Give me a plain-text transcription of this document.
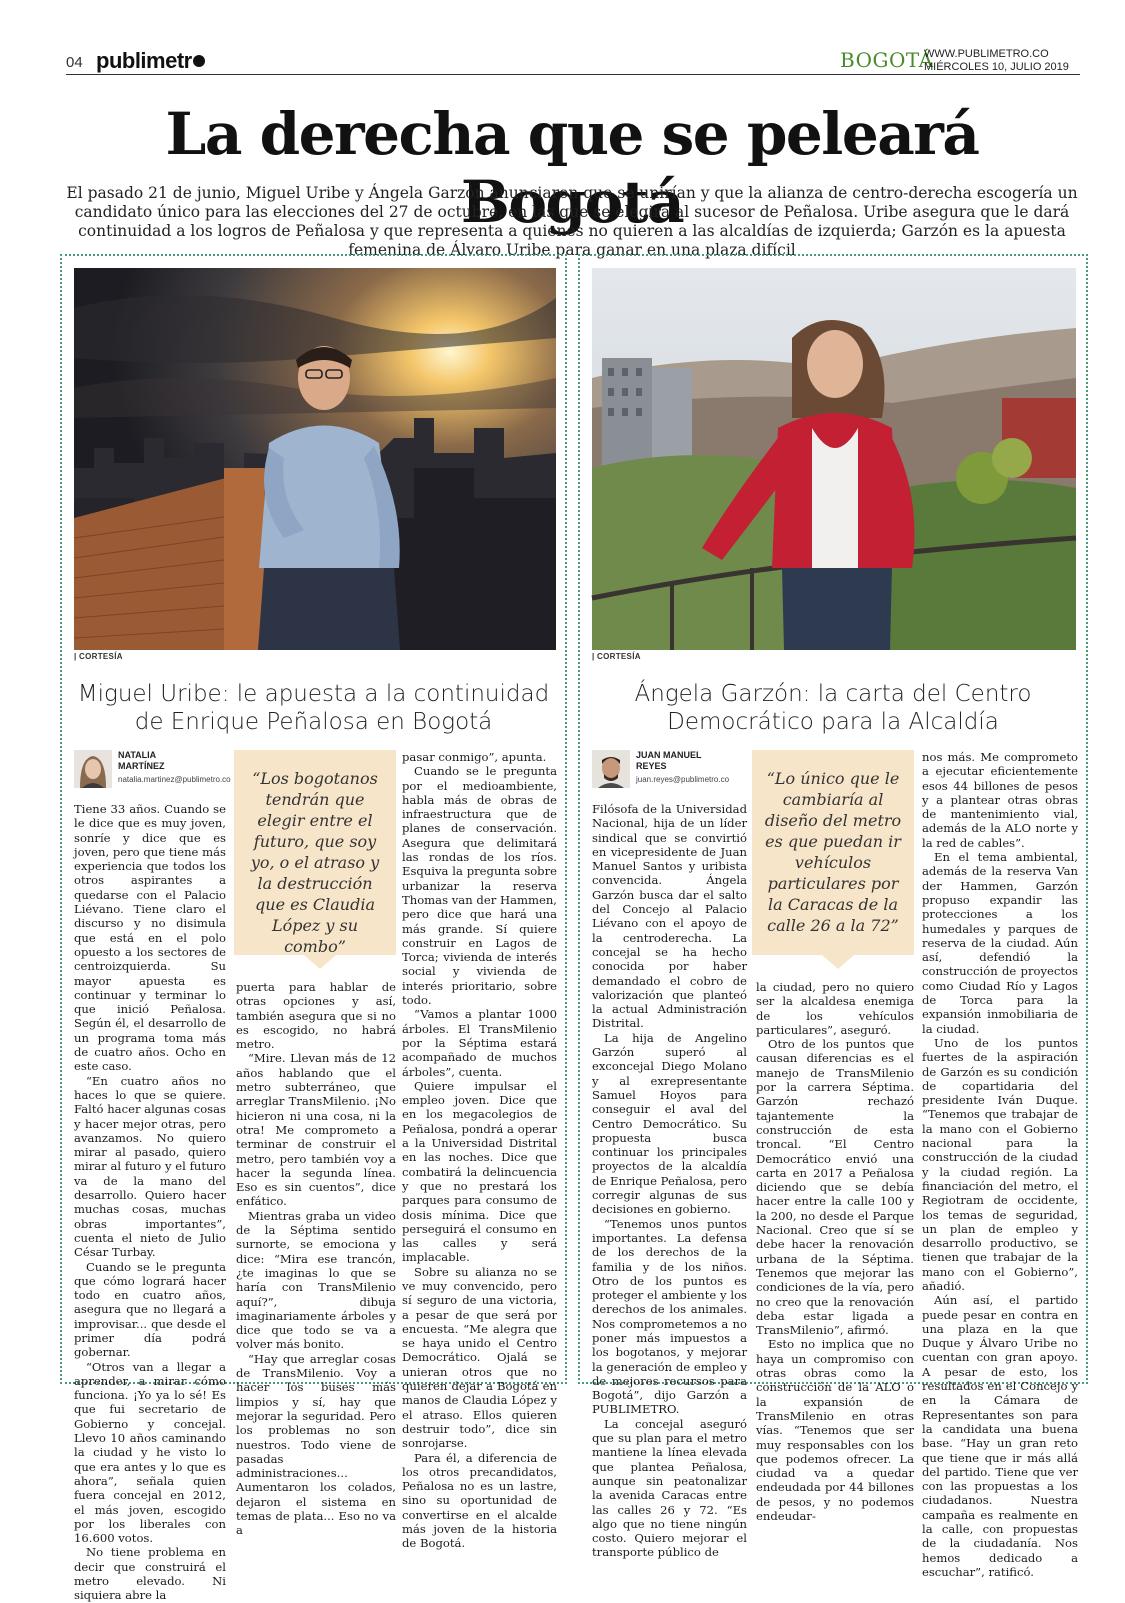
04 publimetr	BOGOTÁ
WWW.PUBLIMETRO.CO
MIÉRCOLES 10, JULIO 2019
La derecha que se peleará Bogotá
El pasado 21 de junio, Miguel Uribe y Ángela Garzón anunciaron que se unirían y que la alianza de centro-derecha escogería un candidato único para las elecciones del 27 de octubre, en las que se elegirá al sucesor de Peñalosa. Uribe asegura que le dará continuidad a los logros de Peñalosa y que representa a quienes no quieren a las alcaldías de izquierda; Garzón es la apuesta femenina de Álvaro Uribe para ganar en una plaza difícil
| CORTESÍA
Miguel Uribe: le apuesta a la continuidad de Enrique Peñalosa en Bogotá
NATALIA MARTÍNEZ
natalia.martinez@publimetro.co	“Los bogotanos tendrán que elegir entre el futuro, que soy yo, o el atraso y la destrucción que es Claudia López y su combo”

Tiene 33 años. Cuando se le dice que es muy joven, sonríe y dice que es joven, pero que tiene más experiencia que todos los otros aspirantes a quedarse con el Palacio Liévano. Tiene claro el discurso y no disimula que está en el polo opuesto a los sectores de centroizquierda. Su mayor apuesta es continuar y terminar lo que inició Peñalosa. Según él, el desarrollo de un programa toma más de cuatro años. Ocho en este caso.

“En cuatro años no haces lo que se quiere. Faltó hacer algunas cosas y hacer mejor otras, pero avanzamos. No quiero mirar al pasado, quiero mirar al futuro y el futuro va de la mano del desarrollo. Quiero hacer muchas cosas, muchas obras importantes”, cuenta el nieto de Julio César Turbay.

Cuando se le pregunta que cómo logrará hacer todo en cuatro años, asegura que no llegará a improvisar... que desde el primer día podrá gobernar.

“Otros van a llegar a aprender, a mirar cómo funciona. ¡Yo ya lo sé! Es que fui secretario de Gobierno y concejal. Llevo 10 años caminando la ciudad y he visto lo que era antes y lo que es ahora”, señala quien fuera concejal en 2012, el más joven, escogido por los liberales con 16.600 votos.

No tiene problema en decir que construirá el metro elevado. Ni siquiera abre la

puerta para hablar de otras opciones y así, también asegura que si no es escogido, no habrá metro.

“Mire. Llevan más de 12 años hablando que el metro subterráneo, que arreglar TransMilenio. ¡No hicieron ni una cosa, ni la otra! Me comprometo a terminar de construir el metro, pero también voy a hacer la segunda línea. Eso es sin cuentos”, dice enfático.

Mientras graba un video de la Séptima sentido surnorte, se emociona y dice: “Mira ese trancón, ¿te imaginas lo que se haría con TransMilenio aquí?”, dibuja imaginariamente árboles y dice que todo se va a volver más bonito.

“Hay que arreglar cosas de TransMilenio. Voy a hacer los buses más limpios y sí, hay que mejorar la seguridad. Pero los problemas no son nuestros. Todo viene de pasadas administraciones... Aumentaron los colados, dejaron el sistema en temas de plata... Eso no va a

pasar conmigo”, apunta.

Cuando se le pregunta por el medioambiente, habla más de obras de infraestructura que de planes de conservación. Asegura que delimitará las rondas de los ríos. Esquiva la pregunta sobre urbanizar la reserva Thomas van der Hammen, pero dice que hará una más grande. Sí quiere construir en Lagos de Torca; vivienda de interés social y vivienda de interés prioritario, sobre todo.

“Vamos a plantar 1000 árboles. El TransMilenio por la Séptima estará acompañado de muchos árboles”, cuenta.

Quiere impulsar el empleo joven. Dice que en los megacolegios de Peñalosa, pondrá a operar a la Universidad Distrital en las noches. Dice que combatirá la delincuencia y que no prestará los parques para consumo de dosis mínima. Dice que perseguirá el consumo en las calles y será implacable.

Sobre su alianza no se ve muy convencido, pero sí seguro de una victoria, a pesar de que será por encuesta. “Me alegra que se haya unido el Centro Democrático. Ojalá se unieran otros que no quieren dejar a Bogotá en manos de Claudia López y el atraso. Ellos quieren destruir todo”, dice sin sonrojarse.

Para él, a diferencia de los otros precandidatos, Peñalosa no es un lastre, sino su oportunidad de convertirse en el alcalde más joven de la historia de Bogotá.

| CORTESÍA
Ángela Garzón: la carta del Centro Democrático para la Alcaldía
JUAN MANUEL REYES
juan.reyes@publimetro.co	“Lo único que le cambiaría al diseño del metro es que puedan ir vehículos particulares por la Caracas de la calle 26 a la 72”

Filósofa de la Universidad Nacional, hija de un líder sindical que se convirtió en vicepresidente de Juan Manuel Santos y uribista convencida. Ángela Garzón busca dar el salto del Concejo al Palacio Liévano con el apoyo de la centroderecha. La concejal se ha hecho conocida por haber demandado el cobro de valorización que planteó la actual Administración Distrital.

La hija de Angelino Garzón superó al exconcejal Diego Molano y al exrepresentante Samuel Hoyos para conseguir el aval del Centro Democrático. Su propuesta busca continuar los principales proyectos de la alcaldía de Enrique Peñalosa, pero corregir algunas de sus decisiones en gobierno.

“Tenemos unos puntos importantes. La defensa de los derechos de la familia y de los niños. Otro de los puntos es proteger el ambiente y los derechos de los animales. Nos comprometemos a no poner más impuestos a los bogotanos, y mejorar la generación de empleo y de mejores recursos para Bogotá”, dijo Garzón a PUBLIMETRO.

La concejal aseguró que su plan para el metro mantiene la línea elevada que plantea Peñalosa, aunque sin peatonalizar la avenida Caracas entre las calles 26 y 72. “Es algo que no tiene ningún costo. Quiero mejorar el transporte público de

la ciudad, pero no quiero ser la alcaldesa enemiga de los vehículos particulares”, aseguró.

Otro de los puntos que causan diferencias es el manejo de TransMilenio por la carrera Séptima. Garzón rechazó tajantemente la construcción de esta troncal. “El Centro Democrático envió una carta en 2017 a Peñalosa diciendo que se debía hacer entre la calle 100 y la 200, no desde el Parque Nacional. Creo que sí se debe hacer la renovación urbana de la Séptima. Tenemos que mejorar las condiciones de la vía, pero no creo que la renovación deba estar ligada a TransMilenio”, afirmó.

Esto no implica que no haya un compromiso con otras obras como la construcción de la ALO o la expansión de TransMilenio en otras vías. “Tenemos que ser muy responsables con los que podemos ofrecer. La ciudad va a quedar endeudada por 44 billones de pesos, y no podemos endeudar-

nos más. Me comprometo a ejecutar eficientemente esos 44 billones de pesos y a plantear otras obras de mantenimiento vial, además de la ALO norte y la red de cables”.

En el tema ambiental, además de la reserva Van der Hammen, Garzón propuso expandir las protecciones a los humedales y parques de reserva de la ciudad. Aún así, defendió la construcción de proyectos como Ciudad Río y Lagos de Torca para la expansión inmobiliaria de la ciudad.

Uno de los puntos fuertes de la aspiración de Garzón es su condición de copartidaria del presidente Iván Duque. “Tenemos que trabajar de la mano con el Gobierno nacional para la construcción de la ciudad y la ciudad región. La financiación del metro, el Regiotram de occidente, los temas de seguridad, un plan de empleo y desarrollo productivo, se tienen que trabajar de la mano con el Gobierno”, añadió.

Aún así, el partido puede pesar en contra en una plaza en la que Duque y Álvaro Uribe no cuentan con gran apoyo. A pesar de esto, los resultados en el Concejo y en la Cámara de Representantes son para la candidata una buena base. “Hay un gran reto que tiene que ir más allá del partido. Tiene que ver con las propuestas a los ciudadanos. Nuestra campaña es realmente en la calle, con propuestas de la ciudadanía. Nos hemos dedicado a escuchar”, ratificó.
